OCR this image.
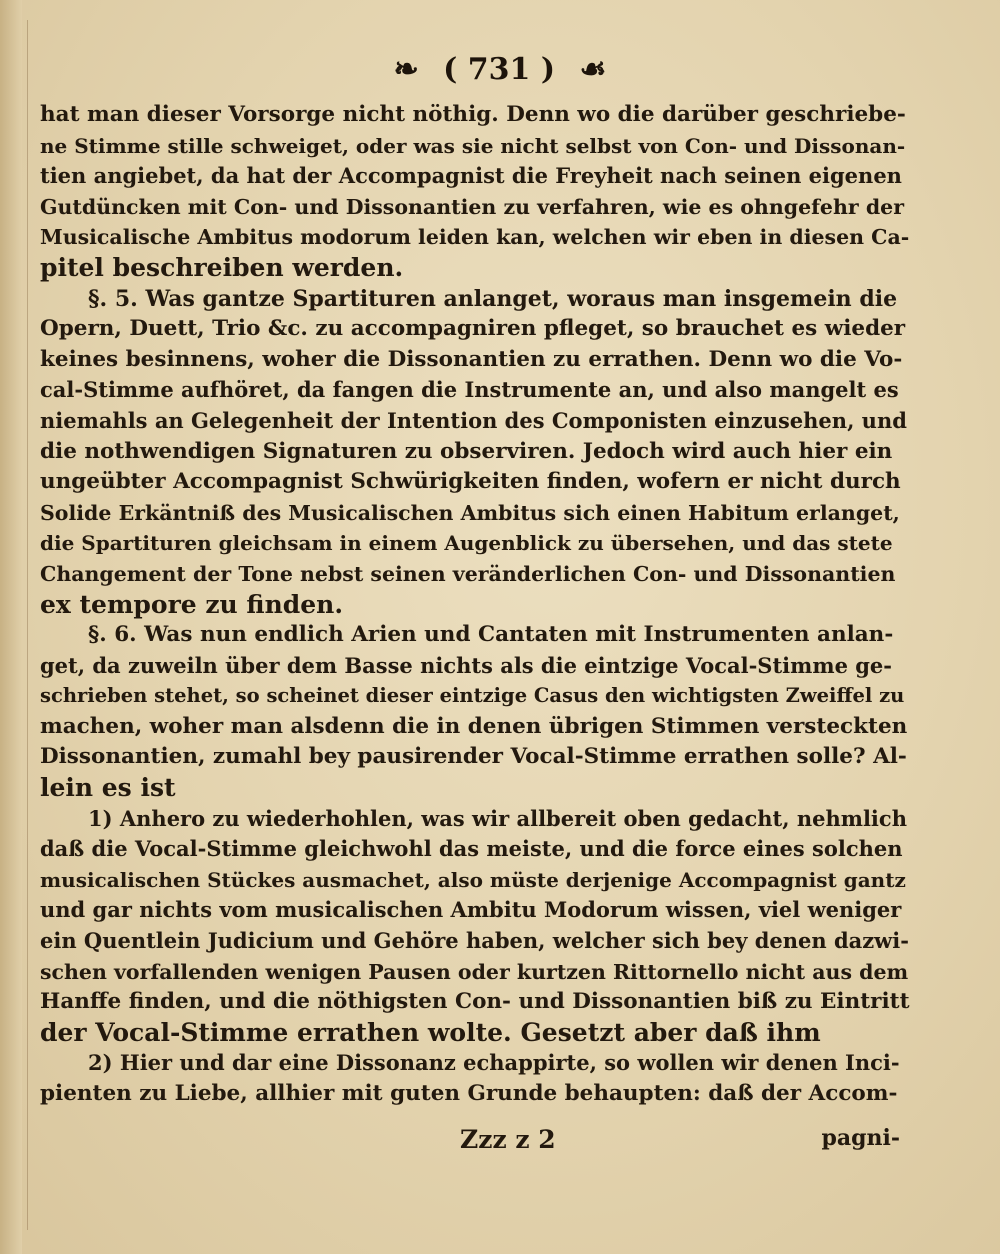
❧ ( 731 ) ☙
hat man dieser Vorsorge nicht nöthig. Denn wo die darüber geschriebe-
ne Stimme stille schweiget, oder was sie nicht selbst von Con- und Dissonan-
tien angiebet, da hat der Accompagnist die Freyheit nach seinen eigenen
Gutdüncken mit Con- und Dissonantien zu verfahren, wie es ohngefehr der
Musicalische Ambitus modorum leiden kan, welchen wir eben in diesen Ca-
pitel beschreiben werden.
§. 5. Was gantze Spartituren anlanget, woraus man insgemein die
Opern, Duett, Trio &c. zu accompagniren pfleget, so brauchet es wieder
keines besinnens, woher die Dissonantien zu errathen. Denn wo die Vo-
cal-Stimme aufhöret, da fangen die Instrumente an, und also mangelt es
niemahls an Gelegenheit der Intention des Componisten einzusehen, und
die nothwendigen Signaturen zu observiren. Jedoch wird auch hier ein
ungeübter Accompagnist Schwürigkeiten finden, wofern er nicht durch
Solide Erkäntniß des Musicalischen Ambitus sich einen Habitum erlanget,
die Spartituren gleichsam in einem Augenblick zu übersehen, und das stete
Changement der Tone nebst seinen veränderlichen Con- und Dissonantien
ex tempore zu finden.
§. 6. Was nun endlich Arien und Cantaten mit Instrumenten anlan-
get, da zuweiln über dem Basse nichts als die eintzige Vocal-Stimme ge-
schrieben stehet, so scheinet dieser eintzige Casus den wichtigsten Zweiffel zu
machen, woher man alsdenn die in denen übrigen Stimmen versteckten
Dissonantien, zumahl bey pausirender Vocal-Stimme errathen solle? Al-
lein es ist
1) Anhero zu wiederhohlen, was wir allbereit oben gedacht, nehmlich
daß die Vocal-Stimme gleichwohl das meiste, und die force eines solchen
musicalischen Stückes ausmachet, also müste derjenige Accompagnist gantz
und gar nichts vom musicalischen Ambitu Modorum wissen, viel weniger
ein Quentlein Judicium und Gehöre haben, welcher sich bey denen dazwi-
schen vorfallenden wenigen Pausen oder kurtzen Rittornello nicht aus dem
Hanffe finden, und die nöthigsten Con- und Dissonantien biß zu Eintritt
der Vocal-Stimme errathen wolte. Gesetzt aber daß ihm
2) Hier und dar eine Dissonanz echappirte, so wollen wir denen Inci-
pienten zu Liebe, allhier mit guten Grunde behaupten: daß der Accom-
Zzz z 2	pagni-
